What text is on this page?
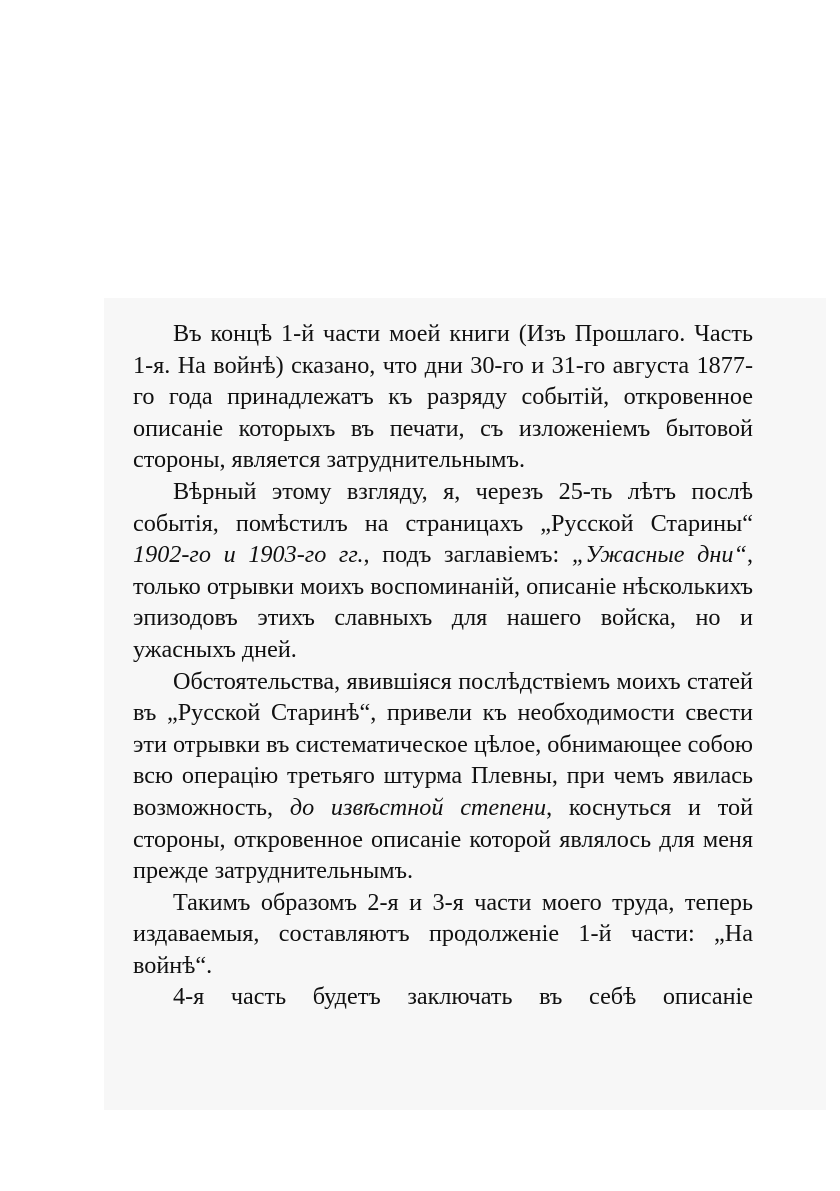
Въ концѣ 1-й части моей книги (Изъ Прошлаго. Часть 1-я. На войнѣ) сказано, что дни 30-го и 31-го августа 1877-го года принадлежатъ къ разряду событій, откровенное описаніе которыхъ въ печати, съ изложеніемъ бытовой стороны, является затруднительнымъ.

Вѣрный этому взгляду, я, черезъ 25-ть лѣтъ послѣ событія, помѣстилъ на страницахъ „Русской Старины“ 1902-го и 1903-го гг., подъ заглавіемъ: „Ужасные дни“, только отрывки моихъ воспоминаній, описаніе нѣсколькихъ эпизодовъ этихъ славныхъ для нашего войска, но и ужасныхъ дней.

Обстоятельства, явившіяся послѣдствіемъ моихъ статей въ „Русской Старинѣ“, привели къ необходимости свести эти отрывки въ систематическое цѣлое, обнимающее собою всю операцію третьяго штурма Плевны, при чемъ явилась возможность, до извѣстной степени, коснуться и той стороны, откровенное описаніе которой являлось для меня прежде затруднительнымъ.

Такимъ образомъ 2-я и 3-я части моего труда, теперь издаваемыя, составляютъ продолженіе 1-й части: „На войнѣ“.

4-я часть будетъ заключать въ себѣ описаніе
